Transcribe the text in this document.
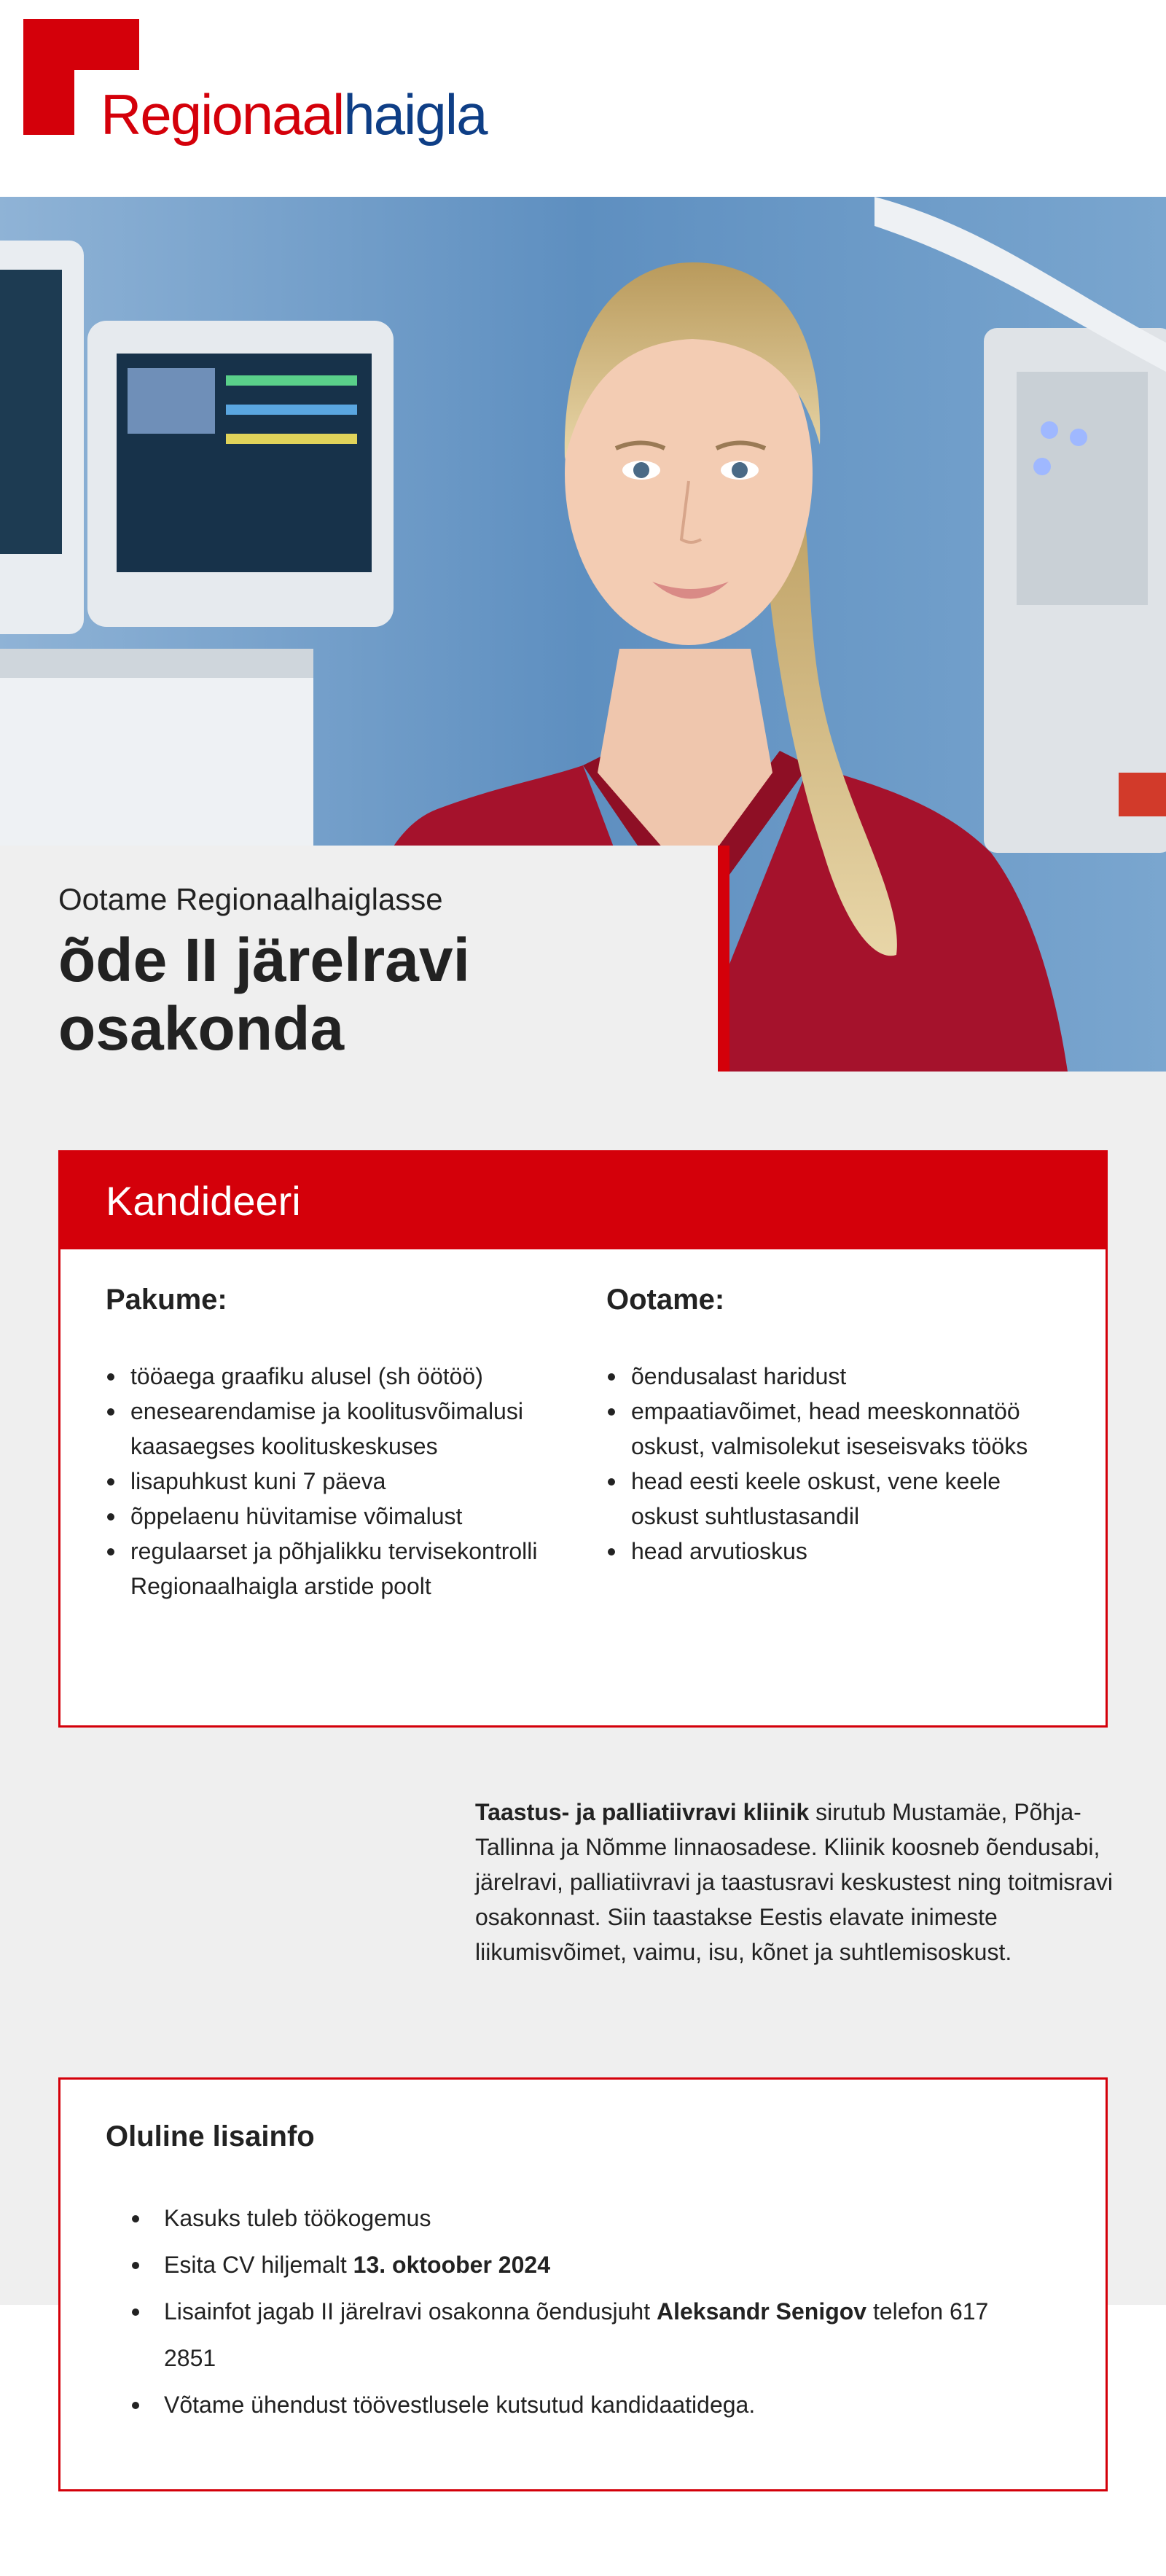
Regionaalhaigla
Ootame Regionaalhaiglasse
õde II järelravi osakonda
Kandideeri
Pakume:
tööaega graafiku alusel (sh öötöö)
enesearendamise ja koolitusvõimalusi kaasaegses koolituskeskuses
lisapuhkust kuni 7 päeva
õppelaenu hüvitamise võimalust
regulaarset ja põhjalikku tervisekontrolli Regionaalhaigla arstide poolt
Ootame:
õendusalast haridust
empaatiavõimet, head meeskonnatöö oskust, valmisolekut iseseisvaks tööks
head eesti keele oskust, vene keele oskust suhtlustasandil
head arvutioskus

Taastus- ja palliatiivravi kliinik sirutub Mustamäe, Põhja-Tallinna ja Nõmme linnaosadese. Kliinik koosneb õendusabi, järelravi, palliatiivravi ja taastusravi keskustest ning toitmisravi osakonnast. Siin taastakse Eestis elavate inimeste liikumisvõimet, vaimu, isu, kõnet ja suhtlemisoskust.

Oluline lisainfo
Kasuks tuleb töökogemus
Esita CV hiljemalt 13. oktoober 2024
Lisainfot jagab II järelravi osakonna õendusjuht Aleksandr Senigov telefon 617 2851
Võtame ühendust töövestlusele kutsutud kandidaatidega.
